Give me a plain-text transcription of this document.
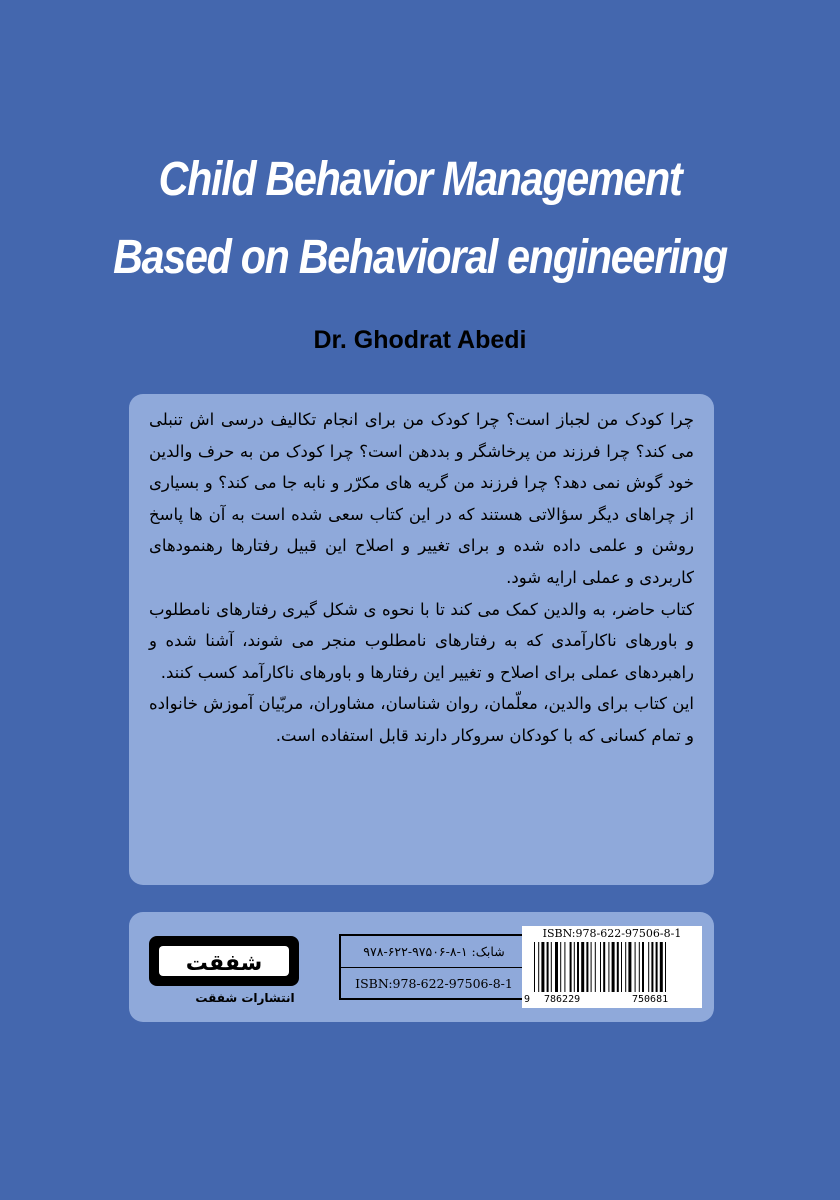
Child Behavior Management
Based on Behavioral engineering
Dr. Ghodrat Abedi

چرا کودک من لجباز است؟ چرا کودک من برای انجام تکالیف درسی اش تنبلی می کند؟ چرا فرزند من پرخاشگر و بددهن است؟ چرا کودک من به حرف والدین خود گوش نمی دهد؟ چرا فرزند من گریه های مکرّر و نابه جا می کند؟ و بسیاری از چراهای دیگر سؤالاتی هستند که در این کتاب سعی شده است به آن ها پاسخ روشن و علمی داده شده و برای تغییر و اصلاح این قبیل رفتارها رهنمودهای کاربردی و عملی ارایه شود.

کتاب حاضر، به والدین کمک می کند تا با نحوه ی شکل گیری رفتارهای نامطلوب و باورهای ناکارآمدی که به رفتارهای نامطلوب منجر می شوند، آشنا شده و راهبردهای عملی برای اصلاح و تغییر این رفتارها و باورهای ناکارآمد کسب کنند.

این کتاب برای والدین، معلّمان، روان شناسان، مشاوران، مربّیان آموزش خانواده و تمام کسانی که با کودکان سروکار دارند قابل استفاده است.

شفقت
انتشارات شفقت
شابک: ۱-۸-۹۷۵۰۶-۶۲۲-۹۷۸
ISBN:978-622-97506-8-1
ISBN:978-622-97506-8-1
9 786229	750681
